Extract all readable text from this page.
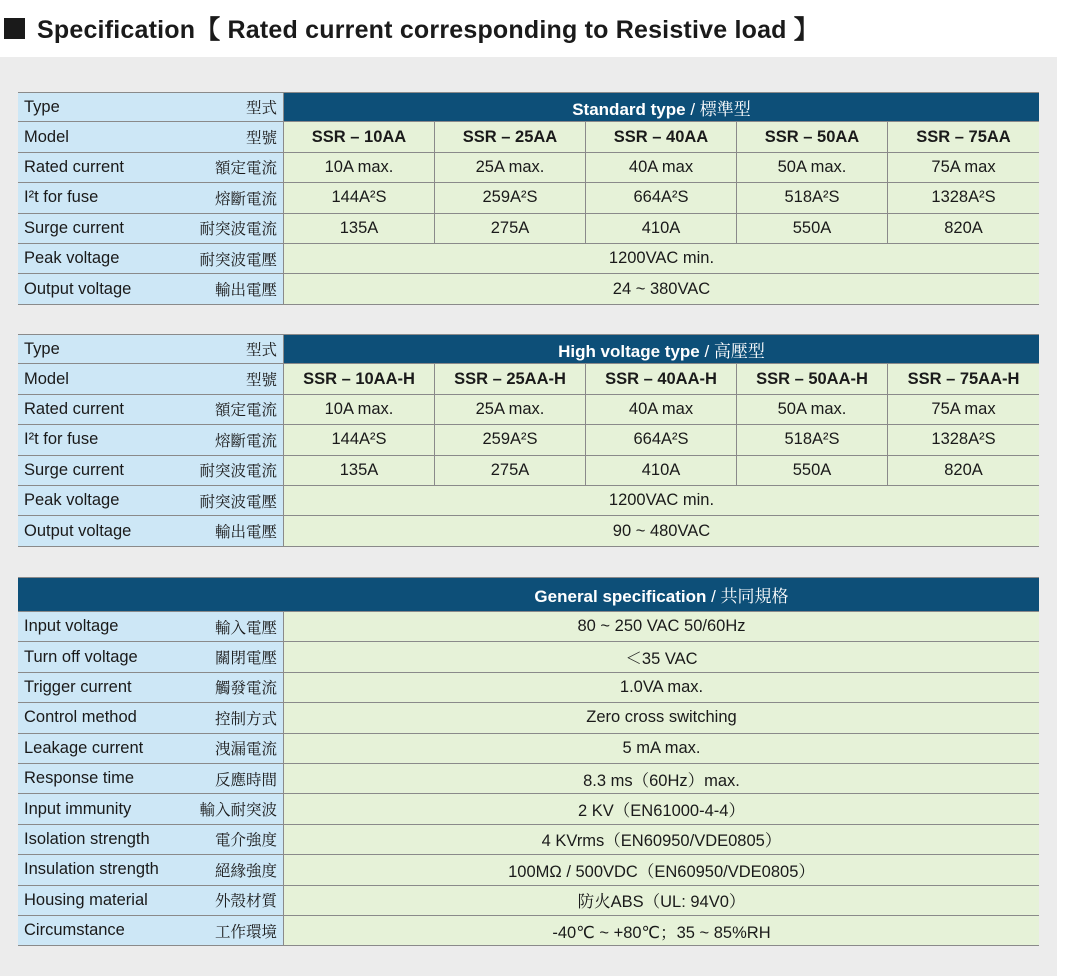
Specification【 Rated current corresponding to Resistive load 】
Type 型式	Standard type / 標準型				

Model 型號	SSR – 10AA	SSR – 25AA	SSR – 40AA	SSR – 50AA	SSR – 75AA

Rated current 額定電流	10A max.	25A max.	40A max	50A max.	75A max

I²t for fuse 熔斷電流	144A²S	259A²S	664A²S	518A²S	1328A²S

Surge current 耐突波電流	135A	275A	410A	550A	820A

Peak voltage 耐突波電壓	1200VAC min.				

Output voltage 輸出電壓	24 ~ 380VAC				
Type 型式	High voltage type / 高壓型				

Model 型號	SSR – 10AA-H	SSR – 25AA-H	SSR – 40AA-H	SSR – 50AA-H	SSR – 75AA-H

Rated current 額定電流	10A max.	25A max.	40A max	50A max.	75A max

I²t for fuse 熔斷電流	144A²S	259A²S	664A²S	518A²S	1328A²S

Surge current 耐突波電流	135A	275A	410A	550A	820A

Peak voltage 耐突波電壓	1200VAC min.				

Output voltage 輸出電壓	90 ~ 480VAC				
	General specification / 共同規格

Input voltage 輸入電壓	80 ~ 250 VAC 50/60Hz

Turn off voltage 關閉電壓	＜35 VAC

Trigger current 觸發電流	1.0VA max.

Control method 控制方式	Zero cross switching

Leakage current 洩漏電流	5 mA max.

Response time 反應時間	8.3 ms（60Hz）max.

Input immunity 輸入耐突波	2 KV（EN61000-4-4）

Isolation strength 電介強度	4 KVrms（EN60950/VDE0805）

Insulation strength 絕緣強度	100MΩ / 500VDC（EN60950/VDE0805）

Housing material 外殼材質	防火ABS（UL: 94V0）

Circumstance 工作環境	-40℃ ~ +80℃；35 ~ 85%RH
